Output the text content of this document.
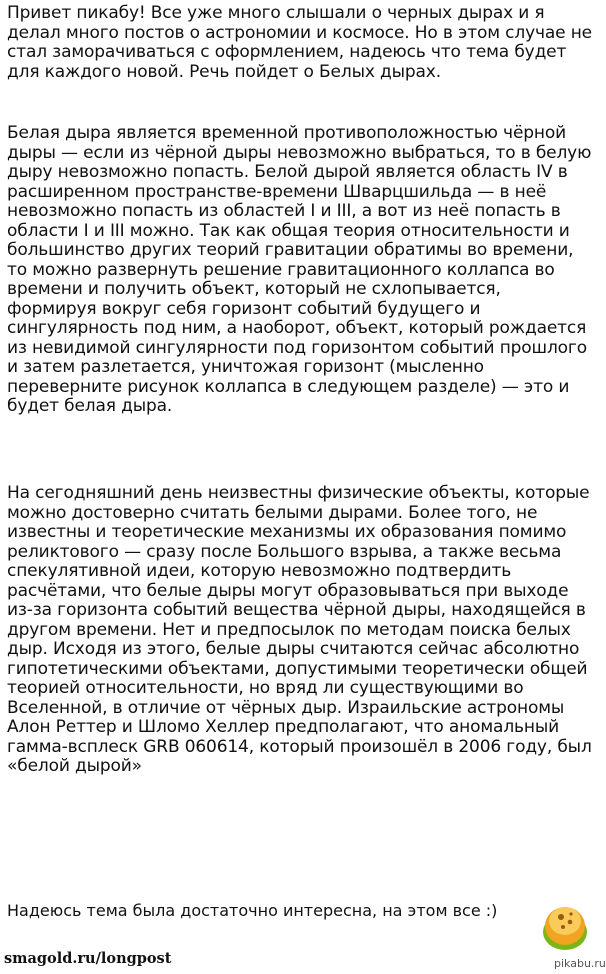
Привет пикабу! Все уже много слышали о черных дырах и я делал много постов о астрономии и космосе. Но в этом случае не стал заморачиваться с оформлением, надеюсь что тема будет для каждого новой. Речь пойдет о Белых дырах.

Белая дыра является временной противоположностью чёрной дыры — если из чёрной дыры невозможно выбраться, то в белую дыру невозможно попасть. Белой дырой является область IV в расширенном пространстве-времени Шварцшильда — в неё невозможно попасть из областей I и III, а вот из неё попасть в области I и III можно. Так как общая теория относительности и большинство других теорий гравитации обратимы во времени, то можно развернуть решение гравитационного коллапса во времени и получить объект, который не схлопывается, формируя вокруг себя горизонт событий будущего и сингулярность под ним, а наоборот, объект, который рождается из невидимой сингулярности под горизонтом событий прошлого и затем разлетается, уничтожая горизонт (мысленно переверните рисунок коллапса в следующем разделе) — это и будет белая дыра.

На сегодняшний день неизвестны физические объекты, которые можно достоверно считать белыми дырами. Более того, не известны и теоретические механизмы их образования помимо реликтового — сразу после Большого взрыва, а также весьма спекулятивной идеи, которую невозможно подтвердить расчётами, что белые дыры могут образовываться при выходе из-за горизонта событий вещества чёрной дыры, находящейся в другом времени. Нет и предпосылок по методам поиска белых дыр. Исходя из этого, белые дыры считаются сейчас абсолютно гипотетическими объектами, допустимыми теоретически общей теорией относительности, но вряд ли существующими во Вселенной, в отличие от чёрных дыр. Израильские астрономы Алон Реттер и Шломо Хеллер предполагают, что аномальный гамма-всплеск GRB 060614, который произошёл в 2006 году, был «белой дырой»

Надеюсь тема была достаточно интересна, на этом все :)

smagold.ru/longpost	pikabu.ru
